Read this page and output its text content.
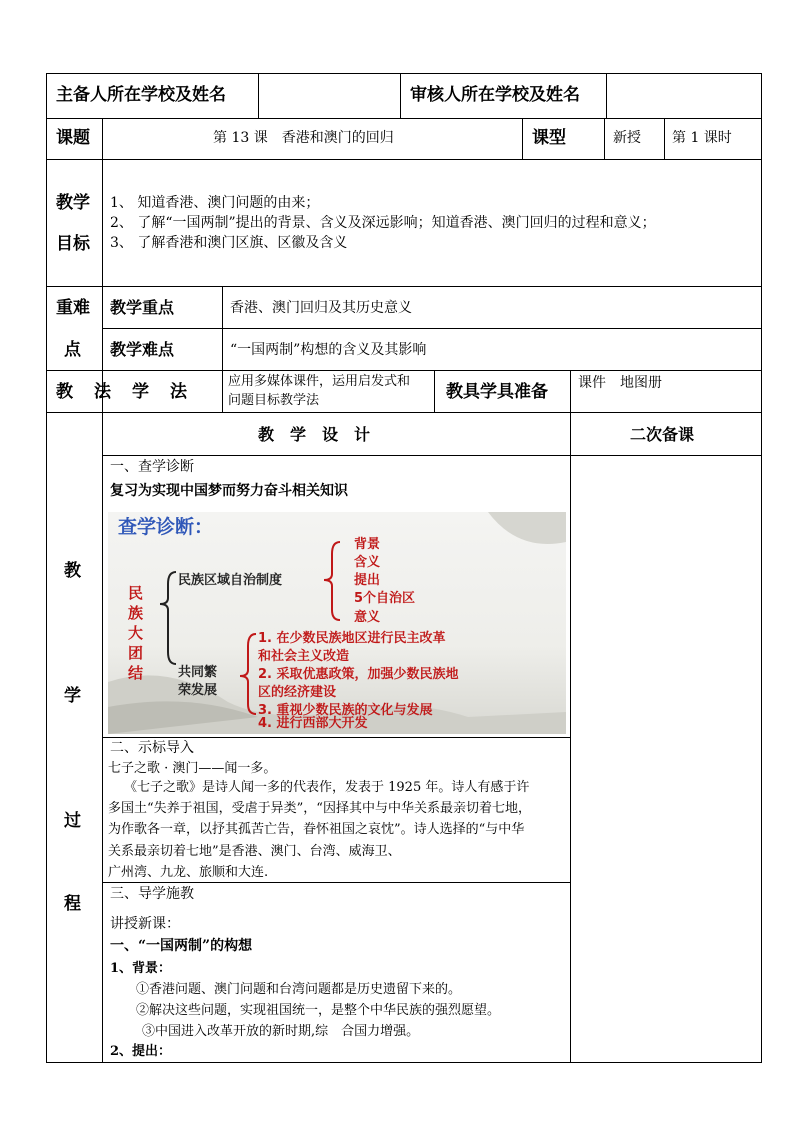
主备人所在学校及姓名	审核人所在学校及姓名
课题	第 13 课　香港和澳门的回归	课型	新授 第 1 课时
教学
目标
1、 知道香港、澳门问题的由来；
2、 了解“一国两制”提出的背景、含义及深远影响；知道香港、澳门回归的过程和意义；
3、 了解香港和澳门区旗、区徽及含义
重难
点
教学重点	香港、澳门回归及其历史意义
教学难点	“一国两制”构想的含义及其影响
教　法　学　法
应用多媒体课件，运用启发式和
问题目标教学法	教具学具准备 课件　地图册
教
学
过
程
教　学　设　计	二次备课
一、查学诊断
复习为实现中国梦而努力奋斗相关知识
查学诊断：
民
族
大
团
结
民族区域自治制度
背景
含义
提出
5个自治区
意义
共同繁
荣发展
1. 在少数民族地区进行民主改革
和社会主义改造
2. 采取优惠政策，加强少数民族地
区的经济建设
3. 重视少数民族的文化与发展
4. 进行西部大开发
二、示标导入
七子之歌 · 澳门——闻一多。
《七子之歌》是诗人闻一多的代表作，发表于 1925 年。诗人有感于许
多国土“失养于祖国，受虐于异类”，“因择其中与中华关系最亲切着七地，
为作歌各一章，以抒其孤苦亡告，眷怀祖国之哀忱”。诗人选择的“与中华
关系最亲切着七地”是香港、澳门、台湾、威海卫、
广州湾、九龙、旅顺和大连.
三、导学施教
讲授新课：
一、“一国两制”的构想
1、背景：
①香港问题、澳门问题和台湾问题都是历史遗留下来的。
②解决这些问题，实现祖国统一，是整个中华民族的强烈愿望。
③中国进入改革开放的新时期,综　合国力增强。
2、提出：
